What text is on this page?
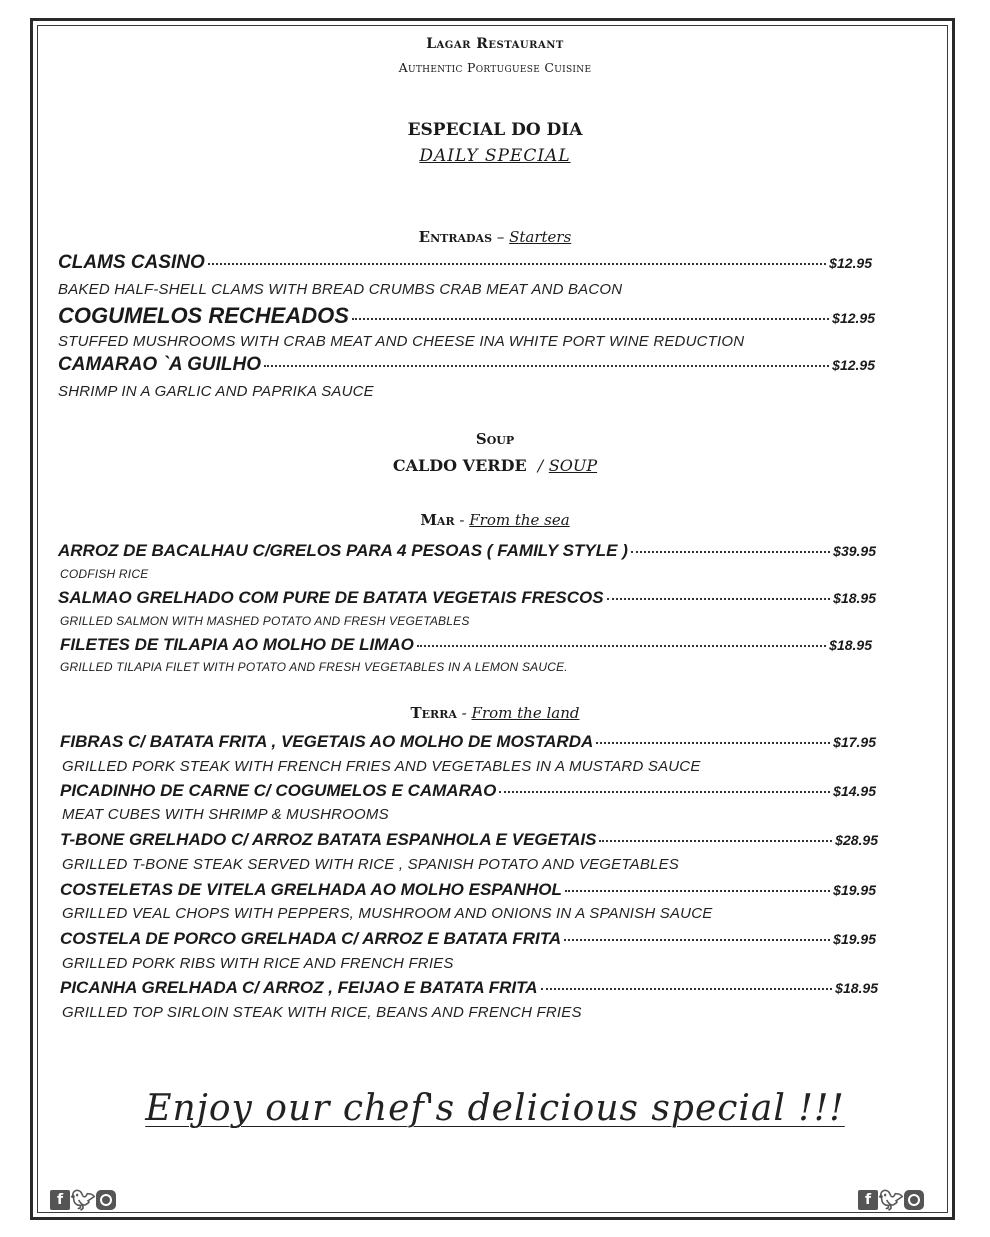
Lagar Restaurant
Authentic Portuguese Cuisine
ESPECIAL DO DIA
DAILY SPECIAL
Entradas – Starters
CLAMS CASINO	$12.95
BAKED HALF-SHELL CLAMS WITH BREAD CRUMBS CRAB MEAT AND BACON
COGUMELOS RECHEADOS	$12.95
STUFFED MUSHROOMS WITH CRAB MEAT AND CHEESE INA WHITE PORT WINE REDUCTION
CAMARAO `A GUILHO	$12.95
SHRIMP IN A GARLIC AND PAPRIKA SAUCE
Soup
CALDO VERDE / SOUP
Mar - From the sea
ARROZ DE BACALHAU C/GRELOS PARA 4 PESOAS ( FAMILY STYLE )	$39.95
CODFISH RICE
SALMAO GRELHADO COM PURE DE BATATA VEGETAIS FRESCOS	$18.95
GRILLED SALMON WITH MASHED POTATO AND FRESH VEGETABLES
FILETES DE TILAPIA AO MOLHO DE LIMAO	$18.95
GRILLED TILAPIA FILET WITH POTATO AND FRESH VEGETABLES IN A LEMON SAUCE.
Terra - From the land
FIBRAS C/ BATATA FRITA , VEGETAIS AO MOLHO DE MOSTARDA	$17.95
GRILLED PORK STEAK WITH FRENCH FRIES AND VEGETABLES IN A MUSTARD SAUCE
PICADINHO DE CARNE C/ COGUMELOS E CAMARAO	$14.95
MEAT CUBES WITH SHRIMP & MUSHROOMS
T-BONE GRELHADO C/ ARROZ BATATA ESPANHOLA E VEGETAIS	$28.95
GRILLED T-BONE STEAK SERVED WITH RICE , SPANISH POTATO AND VEGETABLES
COSTELETAS DE VITELA GRELHADA AO MOLHO ESPANHOL	$19.95
GRILLED VEAL CHOPS WITH PEPPERS, MUSHROOM AND ONIONS IN A SPANISH SAUCE
COSTELA DE PORCO GRELHADA C/ ARROZ E BATATA FRITA	$19.95
GRILLED PORK RIBS WITH RICE AND FRENCH FRIES
PICANHA GRELHADA C/ ARROZ , FEIJAO E BATATA FRITA	$18.95
GRILLED TOP SIRLOIN STEAK WITH RICE, BEANS AND FRENCH FRIES
Enjoy our chef's delicious special !!!
f 🐦︎	f 🐦︎
